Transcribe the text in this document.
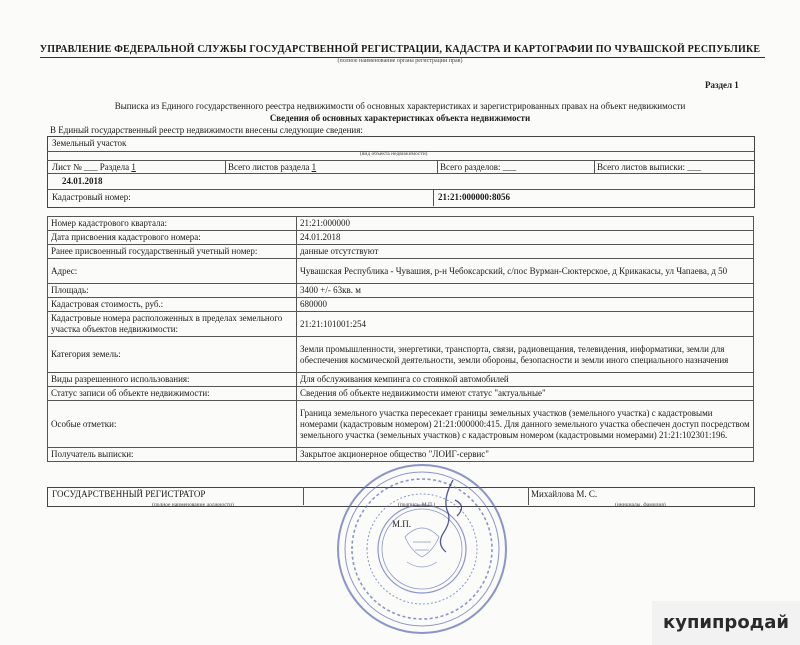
УПРАВЛЕНИЕ ФЕДЕРАЛЬНОЙ СЛУЖБЫ ГОСУДАРСТВЕННОЙ РЕГИСТРАЦИИ, КАДАСТРА И КАРТОГРАФИИ ПО ЧУВАШСКОЙ РЕСПУБЛИКЕ
(полное наименование органа регистрации прав)
Раздел 1
Выписка из Единого государственного реестра недвижимости об основных характеристиках и зарегистрированных правах на объект недвижимости
Сведения об основных характеристиках объекта недвижимости
В Единый государственный реестр недвижимости внесены следующие сведения:
Земельный участок
(вид объекта недвижимости)
Лист № ___ Раздела 1	Всего листов раздела 1	Всего разделов: ___	Всего листов выписки: ___
24.01.2018
Кадастровый номер:	21:21:000000:8056
Номер кадастрового квартала:	21:21:000000
Дата присвоения кадастрового номера:	24.01.2018
Ранее присвоенный государственный учетный номер:	данные отсутствуют
Адрес:	Чувашская Республика - Чувашия, р-н Чебоксарский, с/пос Вурман-Сюктерское, д Крикакасы, ул Чапаева, д 50
Площадь:	3400 +/- 63кв. м
Кадастровая стоимость, руб.:	680000
Кадастровые номера расположенных в пределах земельного участка объектов недвижимости:	21:21:101001:254
Категория земель:	Земли промышленности, энергетики, транспорта, связи, радиовещания, телевидения, информатики, земли для обеспечения космической деятельности, земли обороны, безопасности и земли иного специального назначения
Виды разрешенного использования:	Для обслуживания кемпинга со стоянкой автомобилей
Статус записи об объекте недвижимости:	Сведения об объекте недвижимости имеют статус "актуальные"
Особые отметки:	Граница земельного участка пересекает границы земельных участков (земельного участка) с кадастровыми номерами (кадастровым номером) 21:21:000000:415. Для данного земельного участка обеспечен доступ посредством земельного участка (земельных участков) с кадастровым номером (кадастровыми номерами) 21:21:102301:196.
Получатель выписки:	Закрытое акционерное общество "ЛОИГ-сервис"
ГОСУДАРСТВЕННЫЙ РЕГИСТРАТОР
(полное наименование должности)	(подпись, М.П.)
Михайлова М. С.
(инициалы, фамилия)
М.П.
купипродай
